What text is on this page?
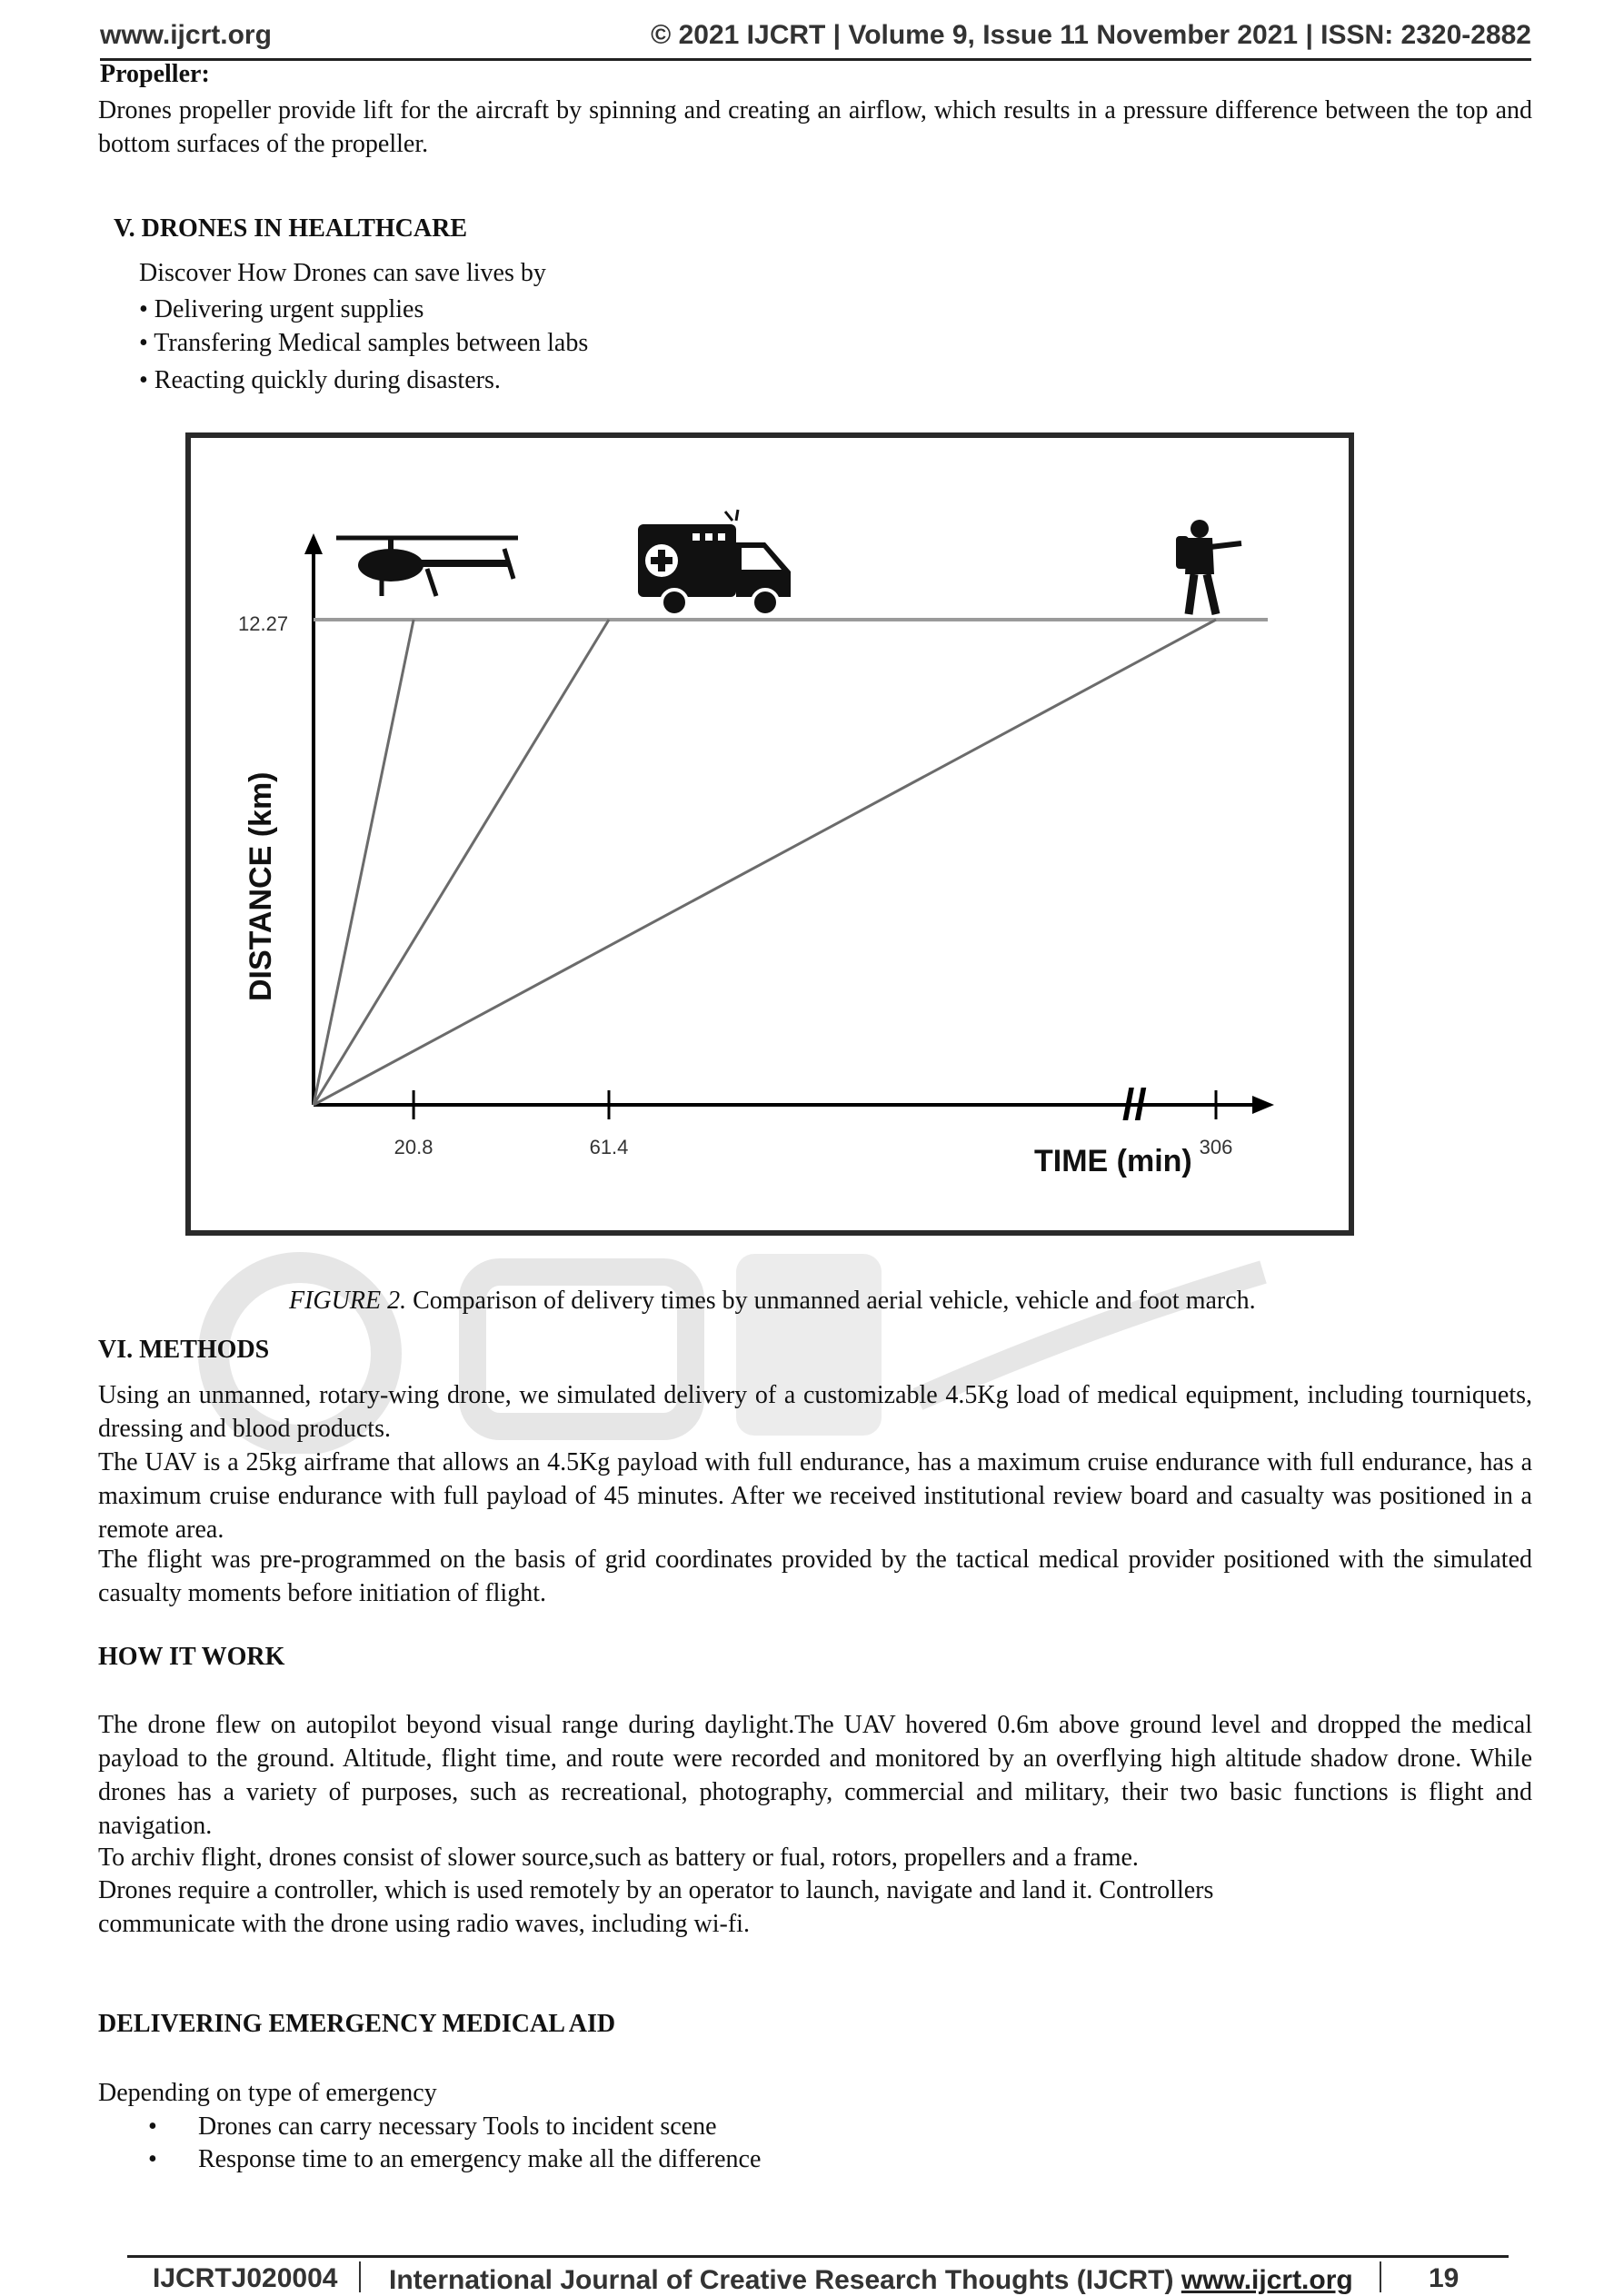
www.ijcrt.org	© 2021 IJCRT | Volume 9, Issue 11 November 2021 | ISSN: 2320-2882
Propeller:
Drones propeller provide lift for the aircraft by spinning and creating an airflow, which results in a pressure difference between the top and bottom surfaces of the propeller.
V. DRONES IN HEALTHCARE
Discover How Drones can save lives by
• Delivering urgent supplies
• Transfering Medical samples between labs
• Reacting quickly during disasters.
20.8	61.4	306
12.27
//
TIME (min)
DISTANCE (km)
FIGURE 2. Comparison of delivery times by unmanned aerial vehicle, vehicle and foot march.
VI. METHODS
Using an unmanned, rotary-wing drone, we simulated delivery of a customizable 4.5Kg load of medical equipment, including tourniquets, dressing and blood products.
The UAV is a 25kg airframe that allows an 4.5Kg payload with full endurance, has a maximum cruise endurance with full endurance, has a maximum cruise endurance with full payload of 45 minutes. After we received institutional review board and casualty was positioned in a remote area.
The flight was pre-programmed on the basis of grid coordinates provided by the tactical medical provider positioned with the simulated casualty moments before initiation of flight.
HOW IT WORK
The drone flew on autopilot beyond visual range during daylight.The UAV hovered 0.6m above ground level and dropped the medical payload to the ground. Altitude, flight time, and route were recorded and monitored by an overflying high altitude shadow drone. While drones has a variety of purposes, such as recreational, photography, commercial and military, their two basic functions is flight and navigation.
To archiv flight, drones consist of slower source,such as battery or fual, rotors, propellers and a frame.
Drones require a controller, which is used remotely by an operator to launch, navigate and land it. Controllers
communicate with the drone using radio waves, including wi-fi.
DELIVERING EMERGENCY MEDICAL AID
Depending on type of emergency
• Drones can carry necessary Tools to incident scene
• Response time to an emergency make all the difference
IJCRTJ020004 International Journal of Creative Research Thoughts (IJCRT) www.ijcrt.org	19
